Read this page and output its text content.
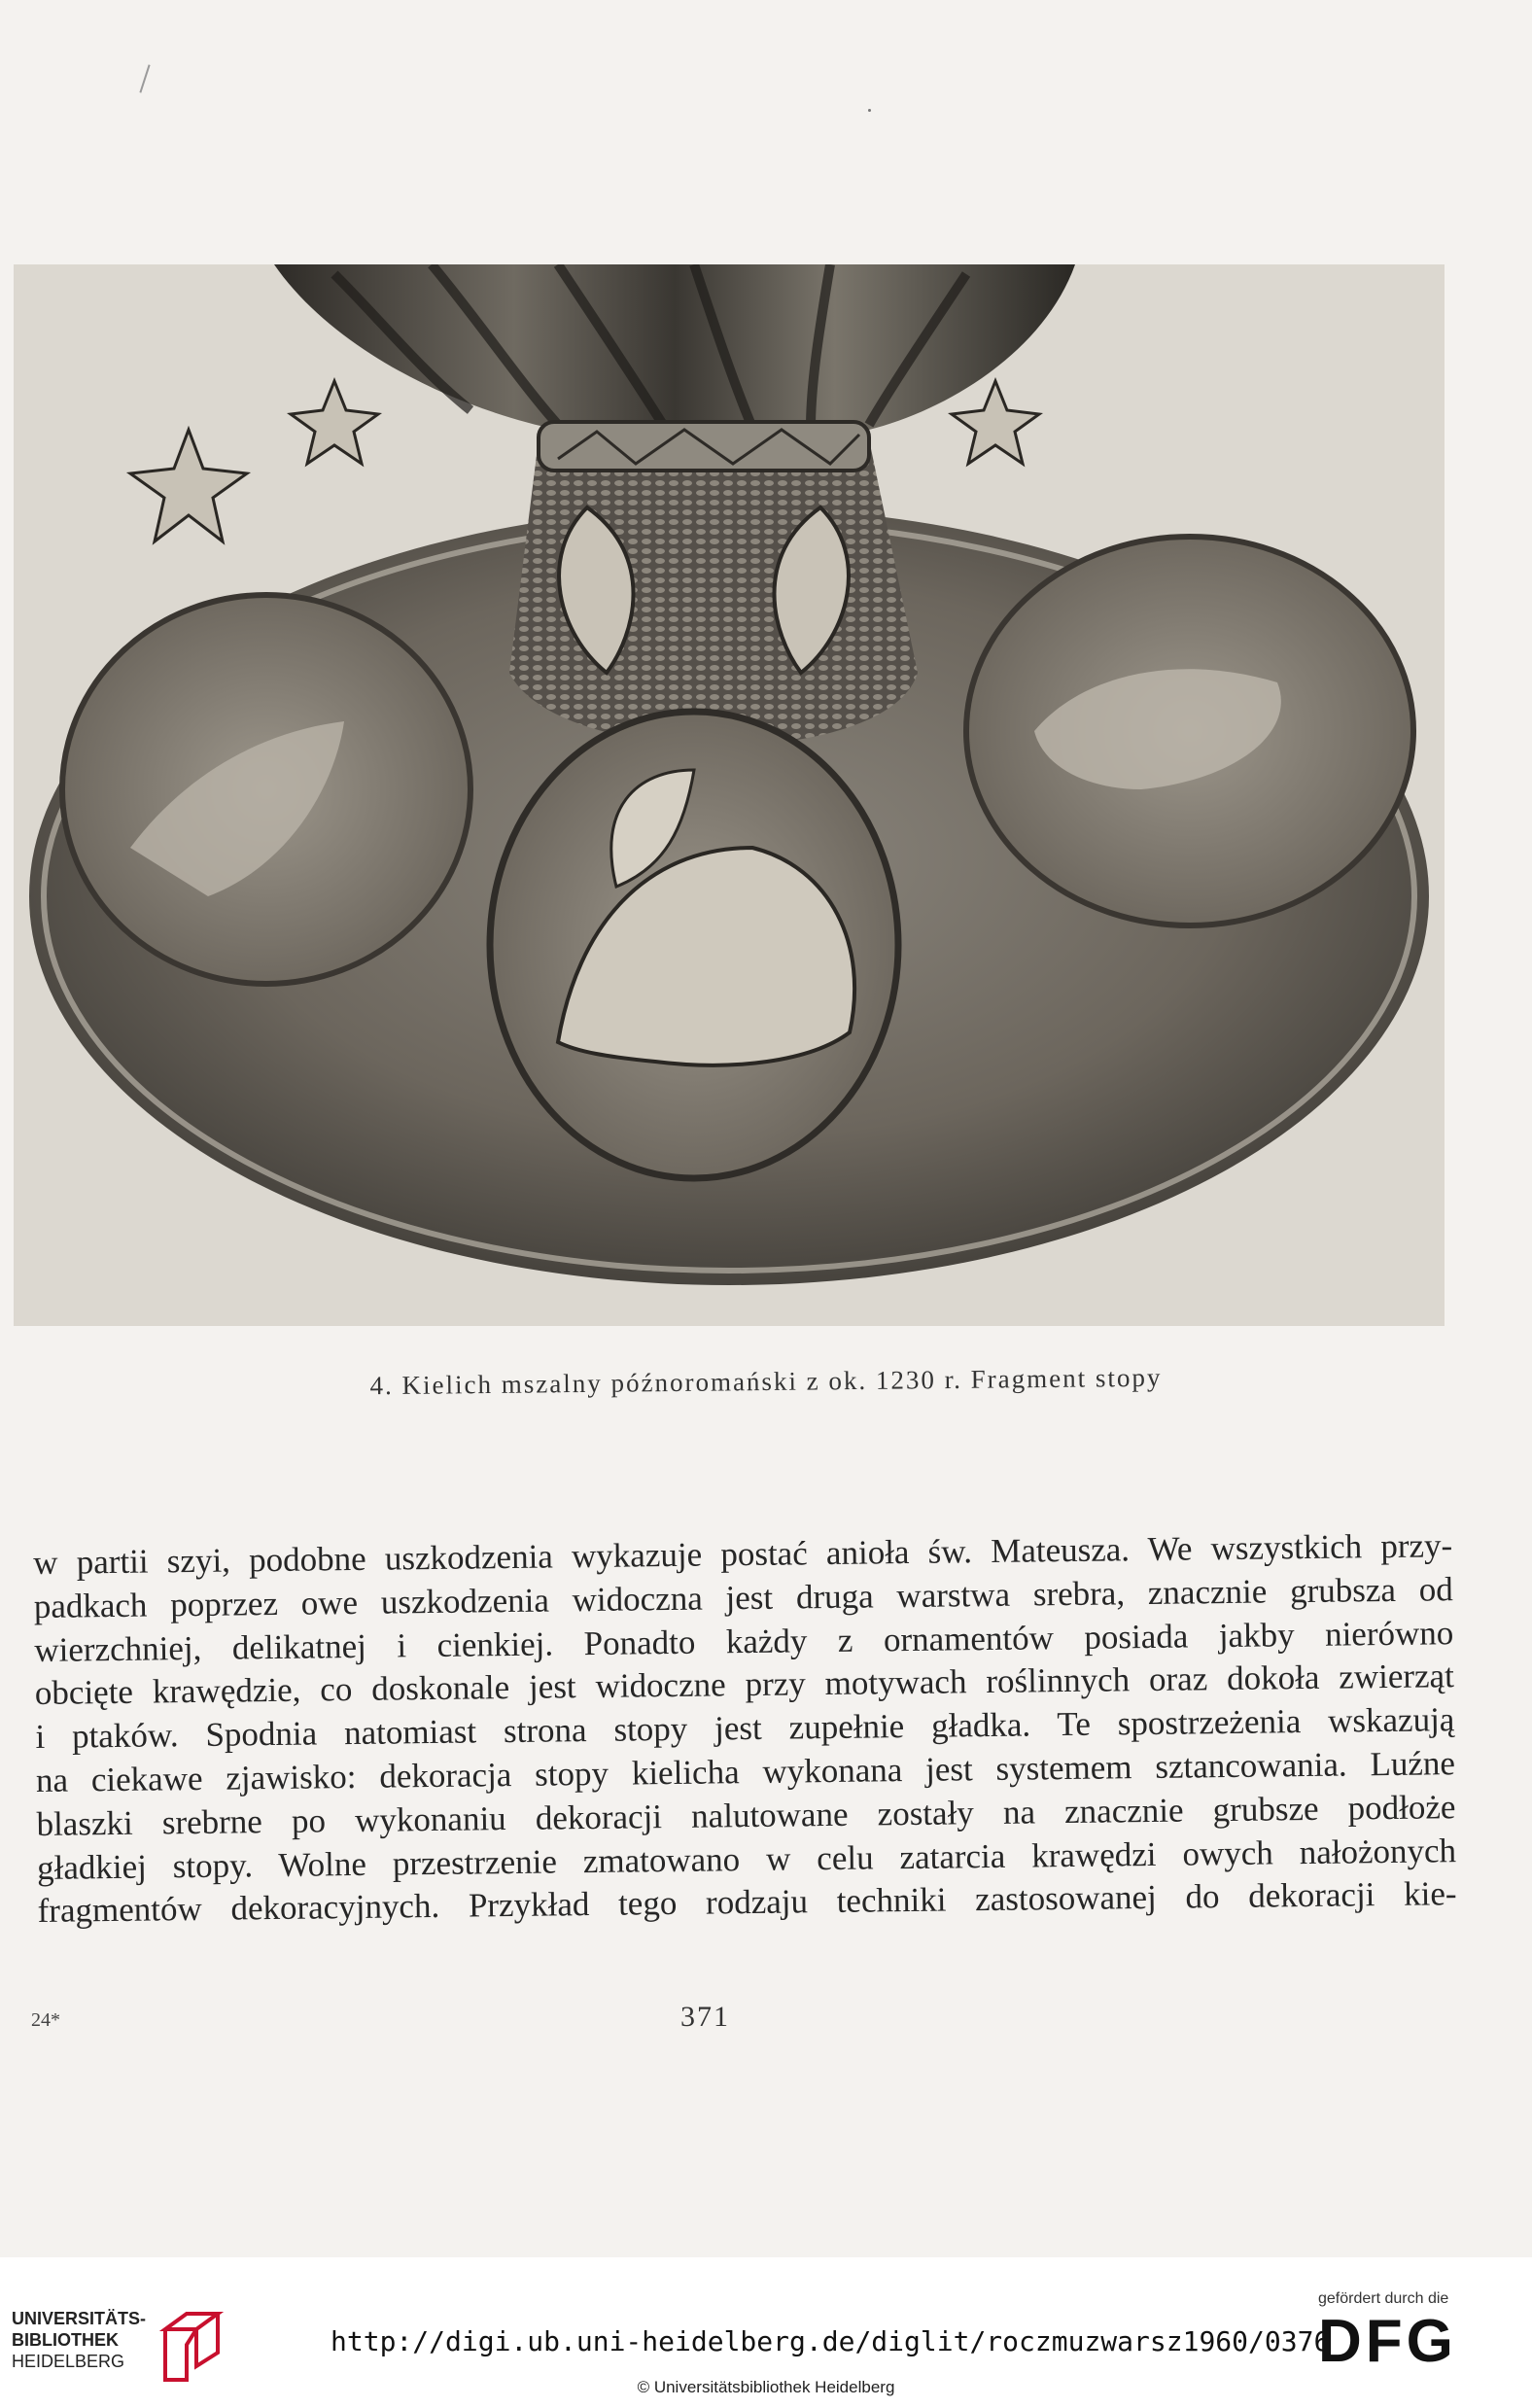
4. Kielich mszalny późnoromański z ok. 1230 r. Fragment stopy
w partii szyi, podobne uszkodzenia wykazuje postać anioła św. Mateusza. We wszystkich przy-
padkach poprzez owe uszkodzenia widoczna jest druga warstwa srebra, znacznie grubsza od
wierzchniej, delikatnej i cienkiej. Ponadto każdy z ornamentów posiada jakby nierówno
obcięte krawędzie, co doskonale jest widoczne przy motywach roślinnych oraz dokoła zwierząt
i ptaków. Spodnia natomiast strona stopy jest zupełnie gładka. Te spostrzeżenia wskazują
na ciekawe zjawisko: dekoracja stopy kielicha wykonana jest systemem sztancowania. Luźne
blaszki srebrne po wykonaniu dekoracji nalutowane zostały na znacznie grubsze podłoże
gładkiej stopy. Wolne przestrzenie zmatowano w celu zatarcia krawędzi owych nałożonych
fragmentów dekoracyjnych. Przykład tego rodzaju techniki zastosowanej do dekoracji kie-
24*	371
UNIVERSITÄTS-
BIBLIOTHEK
HEIDELBERG
http://digi.ub.uni-heidelberg.de/diglit/roczmuzwarsz1960/0376
© Universitätsbibliothek Heidelberg
gefördert durch die
DFG
